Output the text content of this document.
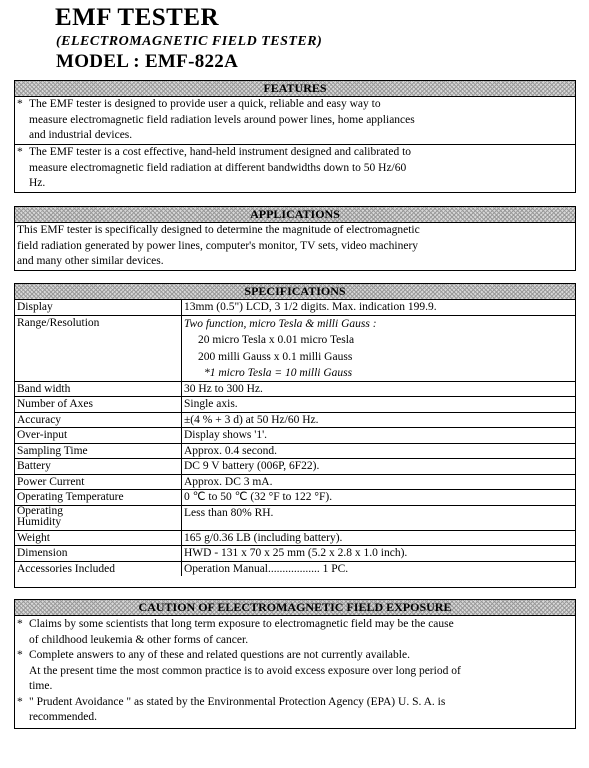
EMF TESTER
(ELECTROMAGNETIC FIELD TESTER)
MODEL : EMF-822A
FEATURES
* The EMF tester is designed to provide user a quick, reliable and easy way to
measure electromagnetic field radiation levels around power lines, home appliances
and industrial devices.
* The EMF tester is a cost effective, hand-held instrument designed and calibrated to
measure electromagnetic field radiation at different bandwidths down to 50 Hz/60
Hz.
APPLICATIONS
This EMF tester is specifically designed to determine the magnitude of electromagnetic
field radiation generated by power lines, computer's monitor, TV sets, video machinery
and many other similar devices.
SPECIFICATIONS
Display	13mm (0.5") LCD, 3 1/2 digits. Max. indication 199.9.
Range/Resolution	Two function, micro Tesla & milli Gauss :
20 micro Tesla x 0.01 micro Tesla
200 milli Gauss x 0.1 milli Gauss
*1 micro Tesla = 10 milli Gauss

Band width	30 Hz to 300 Hz.
Number of Axes	Single axis.
Accuracy	±(4 % + 3 d) at 50 Hz/60 Hz.
Over-input	Display shows '1'.
Sampling Time	Approx. 0.4 second.
Battery	DC 9 V battery (006P, 6F22).
Power Current	Approx. DC 3 mA.
Operating Temperature	0 ℃ to 50 ℃ (32 °F to 122 °F).

Operating
Humidity	Less than 80% RH.
Weight	165 g/0.36 LB (including battery).
Dimension	HWD - 131 x 70 x 25 mm (5.2 x 2.8 x 1.0 inch).
Accessories Included	Operation Manual.................. 1 PC.
CAUTION OF ELECTROMAGNETIC FIELD EXPOSURE
* Claims by some scientists that long term exposure to electromagnetic field may be the cause
of childhood leukemia & other forms of cancer.
* Complete answers to any of these and related questions are not currently available.
At the present time the most common practice is to avoid excess exposure over long period of
time.
* " Prudent Avoidance " as stated by the Environmental Protection Agency (EPA) U. S. A. is
recommended.
